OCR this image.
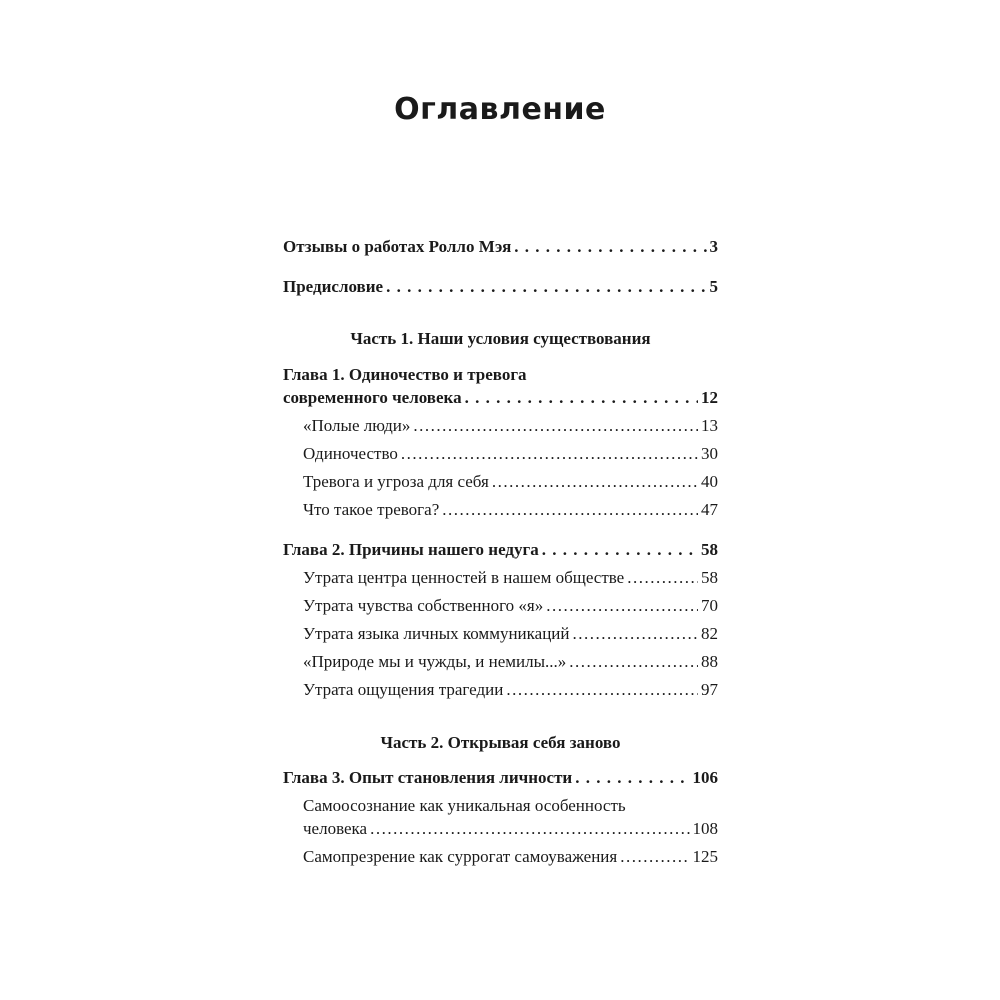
Оглавление
Отзывы о работах Ролло Мэя . . .	3
Предисловие . . .	5
Часть 1. Наши условия существования
Глава 1. Одиночество и тревога
современного человека . . .	12
«Полые люди» .....	13
Одиночество .....	30
Тревога и угроза для себя .....	40
Что такое тревога? .....	47
Глава 2. Причины нашего недуга . . .	58
Утрата центра ценностей в нашем обществе .....	58
Утрата чувства собственного «я» .....	70
Утрата языка личных коммуникаций .....	82
«Природе мы и чужды, и немилы...» .....	88
Утрата ощущения трагедии .....	97
Часть 2. Открывая себя заново
Глава 3. Опыт становления личности . . .	106
Самоосознание как уникальная особенность
человека .....	108
Самопрезрение как суррогат самоуважения .....	125
